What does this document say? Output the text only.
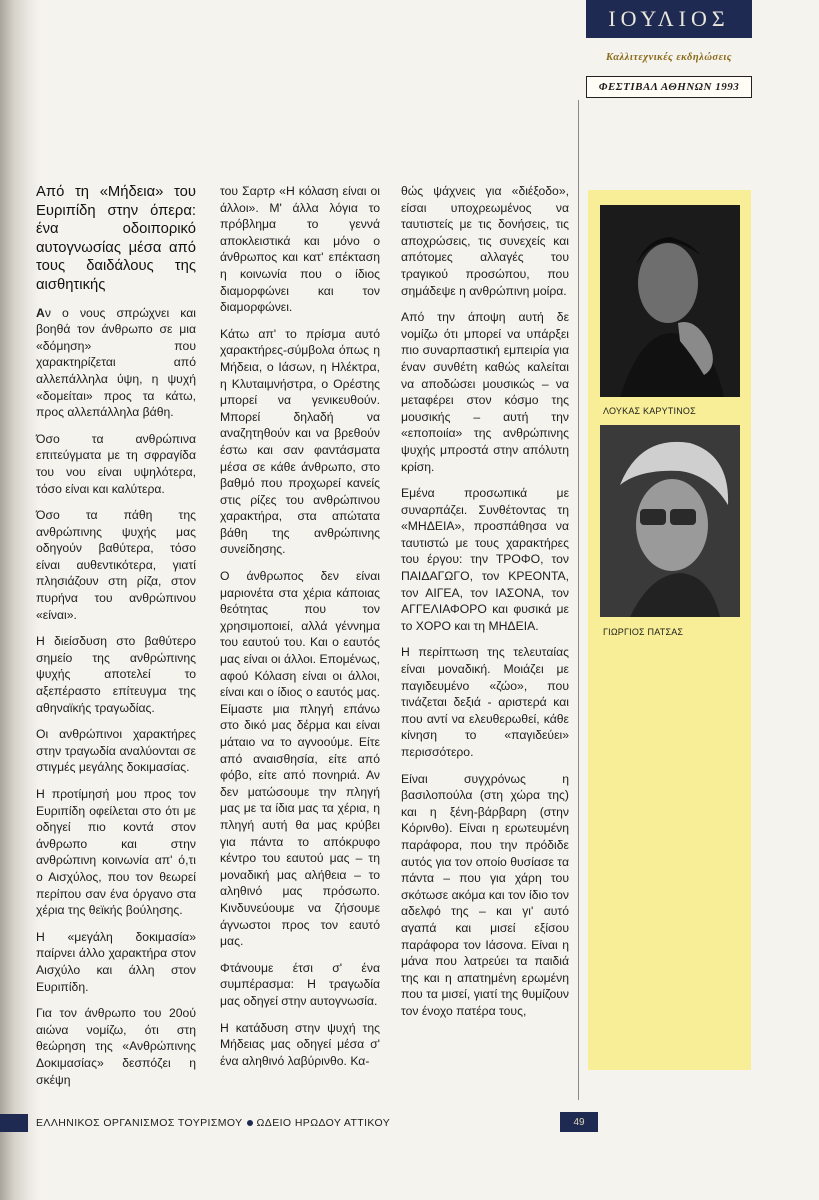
ΙΟΥΛΙΟΣ
Καλλιτεχνικές εκδηλώσεις
ΦΕΣΤΙΒΑΛ ΑΘΗΝΩΝ 1993
ΛΟΥΚΑΣ ΚΑΡΥΤΙΝΟΣ
ΓΙΩΡΓΙΟΣ ΠΑΤΣΑΣ
Από τη «Μήδεια» του Ευριπίδη στην όπερα: ένα οδοιπορικό αυτογνωσίας μέσα από τους δαιδάλους της αισθητικής

Αν ο νους σπρώχνει και βοηθά τον άνθρωπο σε μια «δόμηση» που χαρακτηρίζεται από αλλεπάλληλα ύψη, η ψυχή «δομείται» προς τα κάτω, προς αλλεπάλληλα βάθη.

Όσο τα ανθρώπινα επιτεύγματα με τη σφραγίδα του νου είναι υψηλότερα, τόσο είναι και καλύτερα.

Όσο τα πάθη της ανθρώπινης ψυχής μας οδηγούν βαθύτερα, τόσο είναι αυθεντικότερα, γιατί πλησιάζουν στη ρίζα, στον πυρήνα του ανθρώπινου «είναι».

Η διείσδυση στο βαθύτερο σημείο της ανθρώπινης ψυχής αποτελεί το αξεπέραστο επίτευγμα της αθηναϊκής τραγωδίας.

Οι ανθρώπινοι χαρακτήρες στην τραγωδία αναλύονται σε στιγμές μεγάλης δοκιμασίας.

Η προτίμησή μου προς τον Ευριπίδη οφείλεται στο ότι με οδηγεί πιο κοντά στον άνθρωπο και στην ανθρώπινη κοινωνία απ' ό,τι ο Αισχύλος, που τον θεωρεί περίπου σαν ένα όργανο στα χέρια της θεϊκής βούλησης.

Η «μεγάλη δοκιμασία» παίρνει άλλο χαρακτήρα στον Αισχύλο και άλλη στον Ευριπίδη.

Για τον άνθρωπο του 20ού αιώνα νομίζω, ότι στη θεώρηση της «Ανθρώπινης Δοκιμασίας» δεσπόζει η σκέψη

του Σαρτρ «Η κόλαση είναι οι άλλοι». Μ' άλλα λόγια το πρόβλημα το γεννά αποκλειστικά και μόνο ο άνθρωπος και κατ' επέκταση η κοινωνία που ο ίδιος διαμορφώνει και τον διαμορφώνει.

Κάτω απ' το πρίσμα αυτό χαρακτήρες-σύμβολα όπως η Μήδεια, ο Ιάσων, η Ηλέκτρα, η Κλυταιμνήστρα, ο Ορέστης μπορεί να γενικευθούν. Μπορεί δηλαδή να αναζητηθούν και να βρεθούν έστω και σαν φαντάσματα μέσα σε κάθε άνθρωπο, στο βαθμό που προχωρεί κανείς στις ρίζες του ανθρώπινου χαρακτήρα, στα απώτατα βάθη της ανθρώπινης συνείδησης.

Ο άνθρωπος δεν είναι μαριονέτα στα χέρια κάποιας θεότητας που τον χρησιμοποιεί, αλλά γέννημα του εαυτού του. Και ο εαυτός μας είναι οι άλλοι. Επομένως, αφού Κόλαση είναι οι άλλοι, είναι και ο ίδιος ο εαυτός μας. Είμαστε μια πληγή επάνω στο δικό μας δέρμα και είναι μάταιο να το αγνοούμε. Είτε από αναισθησία, είτε από φόβο, είτε από πονηριά. Αν δεν ματώσουμε την πληγή μας με τα ίδια μας τα χέρια, η πληγή αυτή θα μας κρύβει για πάντα το απόκρυφο κέντρο του εαυτού μας – τη μοναδική μας αλήθεια – το αληθινό μας πρόσωπο. Κινδυνεύουμε να ζήσουμε άγνωστοι προς τον εαυτό μας.

Φτάνουμε έτσι σ' ένα συμπέρασμα: Η τραγωδία μας οδηγεί στην αυτογνωσία.

Η κατάδυση στην ψυχή της Μήδειας μας οδηγεί μέσα σ' ένα αληθινό λαβύρινθο. Κα-

θώς ψάχνεις για «διέξοδο», είσαι υποχρεωμένος να ταυτιστείς με τις δονήσεις, τις αποχρώσεις, τις συνεχείς και απότομες αλλαγές του τραγικού προσώπου, που σημάδεψε η ανθρώπινη μοίρα.

Από την άποψη αυτή δε νομίζω ότι μπορεί να υπάρξει πιο συναρπαστική εμπειρία για έναν συνθέτη καθώς καλείται να αποδώσει μουσικώς – να μεταφέρει στον κόσμο της μουσικής – αυτή την «εποποιία» της ανθρώπινης ψυχής μπροστά στην απόλυτη κρίση.

Εμένα προσωπικά με συναρπάζει. Συνθέτοντας τη «ΜΗΔΕΙΑ», προσπάθησα να ταυτιστώ με τους χαρακτήρες του έργου: την ΤΡΟΦΟ, τον ΠΑΙΔΑΓΩΓΟ, τον ΚΡΕΟΝΤΑ, τον ΑΙΓΕΑ, τον ΙΑΣΟΝΑ, τον ΑΓΓΕΛΙΑΦΟΡΟ και φυσικά με το ΧΟΡΟ και τη ΜΗΔΕΙΑ.

Η περίπτωση της τελευταίας είναι μοναδική. Μοιάζει με παγιδευμένο «ζώο», που τινάζεται δεξιά - αριστερά και που αντί να ελευθερωθεί, κάθε κίνηση το «παγιδεύει» περισσότερο.

Είναι συγχρόνως η βασιλοπούλα (στη χώρα της) και η ξένη-βάρβαρη (στην Κόρινθο). Είναι η ερωτευμένη παράφορα, που την πρόδιδε αυτός για τον οποίο θυσίασε τα πάντα – που για χάρη του σκότωσε ακόμα και τον ίδιο τον αδελφό της – και γι' αυτό αγαπά και μισεί εξίσου παράφορα τον Ιάσονα. Είναι η μάνα που λατρεύει τα παιδιά της και η απατημένη ερωμένη που τα μισεί, γιατί της θυμίζουν τον ένοχο πατέρα τους,

ΕΛΛΗΝΙΚΟΣ ΟΡΓΑΝΙΣΜΟΣ ΤΟΥΡΙΣΜΟΥ ΩΔΕΙΟ ΗΡΩΔΟΥ ΑΤΤΙΚΟΥ	49
